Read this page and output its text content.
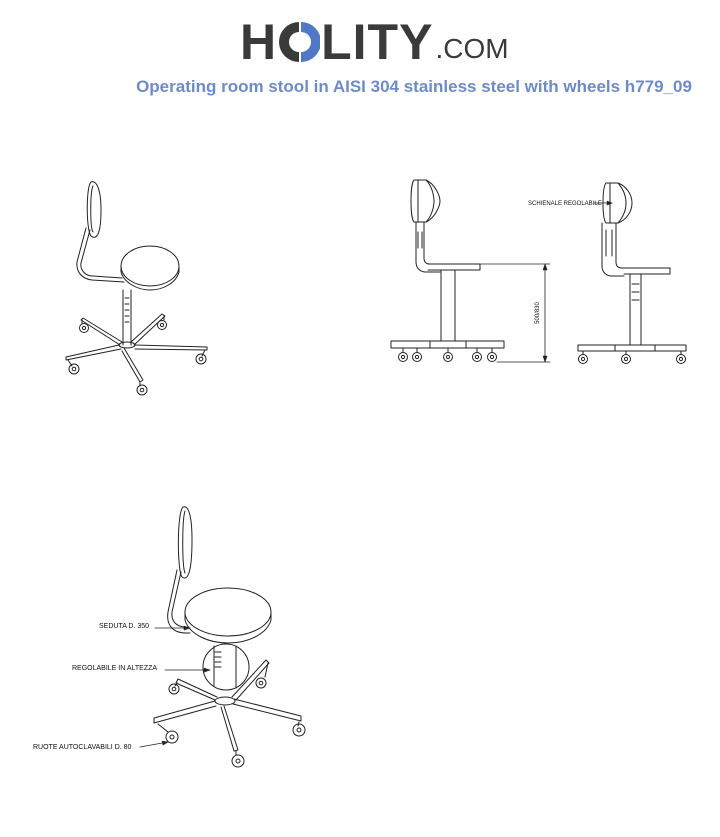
H LITY .COM
Operating room stool in AISI 304 stainless steel with wheels h779_09
500/830
SCHIENALE REGOLABILE
SEDUTA D. 350
REGOLABILE IN ALTEZZA
RUOTE AUTOCLAVABILI D. 80
